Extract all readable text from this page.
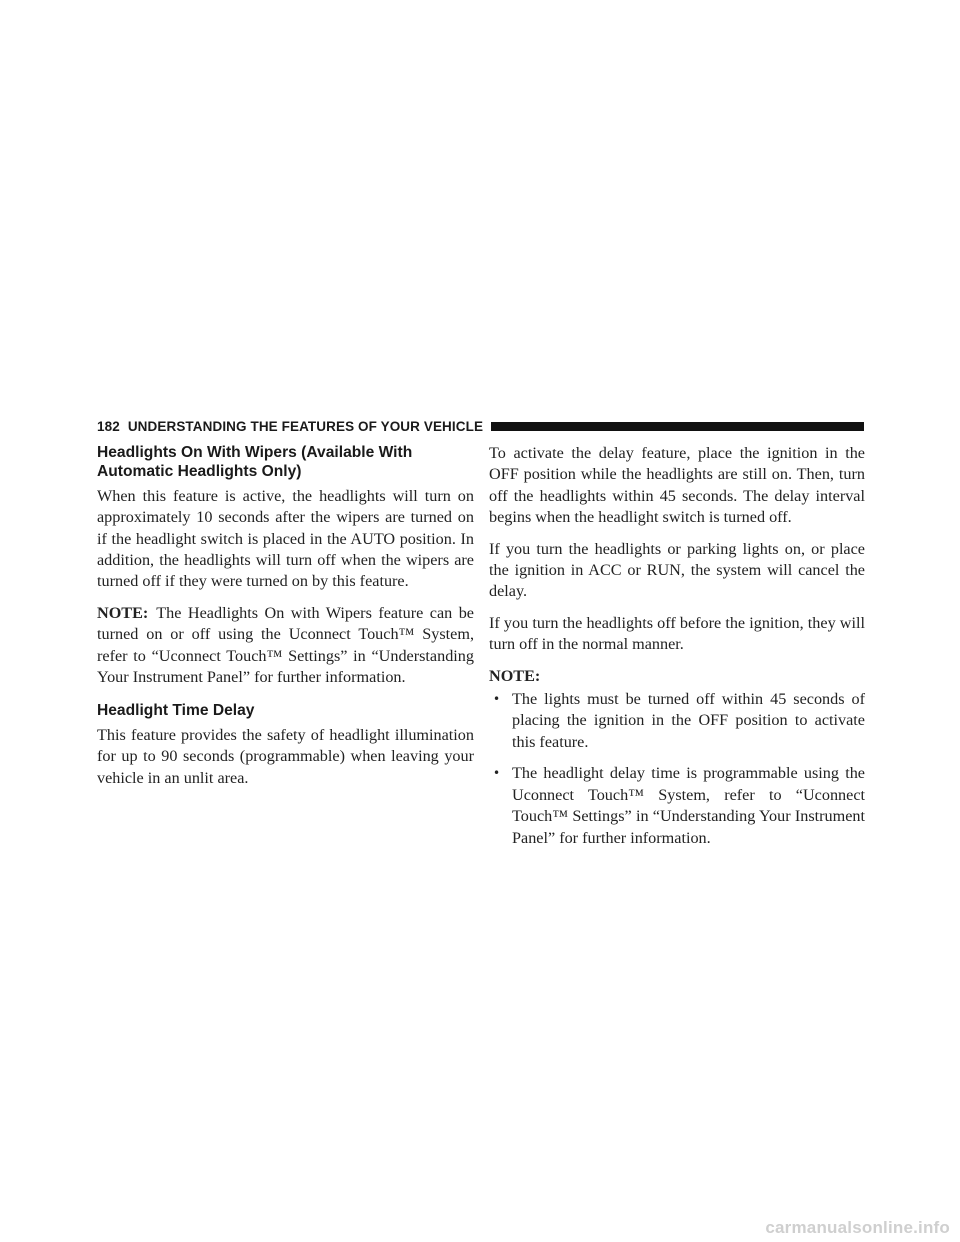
182 UNDERSTANDING THE FEATURES OF YOUR VEHICLE
Headlights On With Wipers (Available With Automatic Headlights Only)

When this feature is active, the headlights will turn on approximately 10 seconds after the wipers are turned on if the headlight switch is placed in the AUTO position. In addition, the headlights will turn off when the wipers are turned off if they were turned on by this feature.

NOTE: The Headlights On with Wipers feature can be turned on or off using the Uconnect Touch™ System, refer to “Uconnect Touch™ Settings” in “Understanding Your Instrument Panel” for further information.

Headlight Time Delay

This feature provides the safety of headlight illumination for up to 90 seconds (programmable) when leaving your vehicle in an unlit area.

To activate the delay feature, place the ignition in the OFF position while the headlights are still on. Then, turn off the headlights within 45 seconds. The delay interval begins when the headlight switch is turned off.

If you turn the headlights or parking lights on, or place the ignition in ACC or RUN, the system will cancel the delay.

If you turn the headlights off before the ignition, they will turn off in the normal manner.

NOTE:
• The lights must be turned off within 45 seconds of placing the ignition in the OFF position to activate this feature.
• The headlight delay time is programmable using the Uconnect Touch™ System, refer to “Uconnect Touch™ Settings” in “Understanding Your Instrument Panel” for further information.
carmanualsonline.info
